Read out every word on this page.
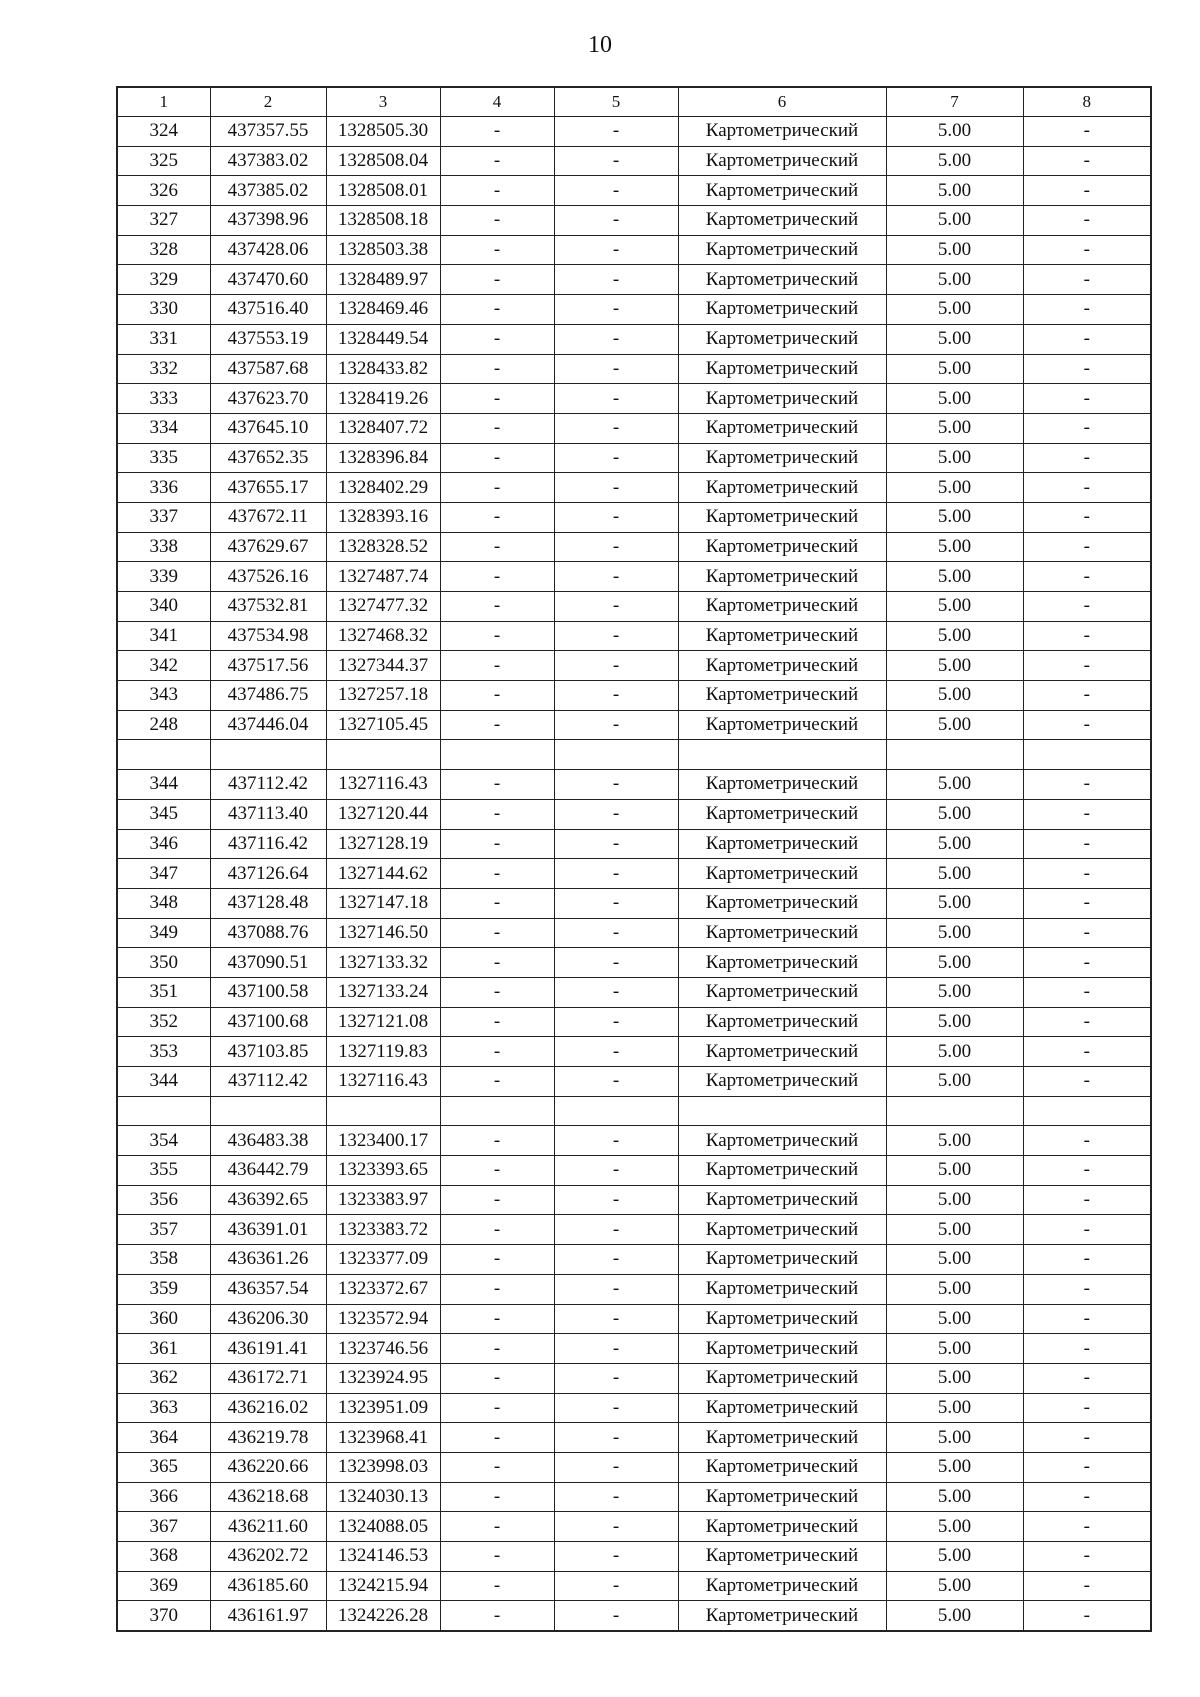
10
1	2	3	4	5	6	7	8
324	437357.55	1328505.30	-	-	Картометрический	5.00	-
325	437383.02	1328508.04	-	-	Картометрический	5.00	-
326	437385.02	1328508.01	-	-	Картометрический	5.00	-
327	437398.96	1328508.18	-	-	Картометрический	5.00	-
328	437428.06	1328503.38	-	-	Картометрический	5.00	-
329	437470.60	1328489.97	-	-	Картометрический	5.00	-
330	437516.40	1328469.46	-	-	Картометрический	5.00	-
331	437553.19	1328449.54	-	-	Картометрический	5.00	-
332	437587.68	1328433.82	-	-	Картометрический	5.00	-
333	437623.70	1328419.26	-	-	Картометрический	5.00	-
334	437645.10	1328407.72	-	-	Картометрический	5.00	-
335	437652.35	1328396.84	-	-	Картометрический	5.00	-
336	437655.17	1328402.29	-	-	Картометрический	5.00	-
337	437672.11	1328393.16	-	-	Картометрический	5.00	-
338	437629.67	1328328.52	-	-	Картометрический	5.00	-
339	437526.16	1327487.74	-	-	Картометрический	5.00	-
340	437532.81	1327477.32	-	-	Картометрический	5.00	-
341	437534.98	1327468.32	-	-	Картометрический	5.00	-
342	437517.56	1327344.37	-	-	Картометрический	5.00	-
343	437486.75	1327257.18	-	-	Картометрический	5.00	-
248	437446.04	1327105.45	-	-	Картометрический	5.00	-

344	437112.42	1327116.43	-	-	Картометрический	5.00	-
345	437113.40	1327120.44	-	-	Картометрический	5.00	-
346	437116.42	1327128.19	-	-	Картометрический	5.00	-
347	437126.64	1327144.62	-	-	Картометрический	5.00	-
348	437128.48	1327147.18	-	-	Картометрический	5.00	-
349	437088.76	1327146.50	-	-	Картометрический	5.00	-
350	437090.51	1327133.32	-	-	Картометрический	5.00	-
351	437100.58	1327133.24	-	-	Картометрический	5.00	-
352	437100.68	1327121.08	-	-	Картометрический	5.00	-
353	437103.85	1327119.83	-	-	Картометрический	5.00	-
344	437112.42	1327116.43	-	-	Картометрический	5.00	-

354	436483.38	1323400.17	-	-	Картометрический	5.00	-
355	436442.79	1323393.65	-	-	Картометрический	5.00	-
356	436392.65	1323383.97	-	-	Картометрический	5.00	-
357	436391.01	1323383.72	-	-	Картометрический	5.00	-
358	436361.26	1323377.09	-	-	Картометрический	5.00	-
359	436357.54	1323372.67	-	-	Картометрический	5.00	-
360	436206.30	1323572.94	-	-	Картометрический	5.00	-
361	436191.41	1323746.56	-	-	Картометрический	5.00	-
362	436172.71	1323924.95	-	-	Картометрический	5.00	-
363	436216.02	1323951.09	-	-	Картометрический	5.00	-
364	436219.78	1323968.41	-	-	Картометрический	5.00	-
365	436220.66	1323998.03	-	-	Картометрический	5.00	-
366	436218.68	1324030.13	-	-	Картометрический	5.00	-
367	436211.60	1324088.05	-	-	Картометрический	5.00	-
368	436202.72	1324146.53	-	-	Картометрический	5.00	-
369	436185.60	1324215.94	-	-	Картометрический	5.00	-
370	436161.97	1324226.28	-	-	Картометрический	5.00	-
